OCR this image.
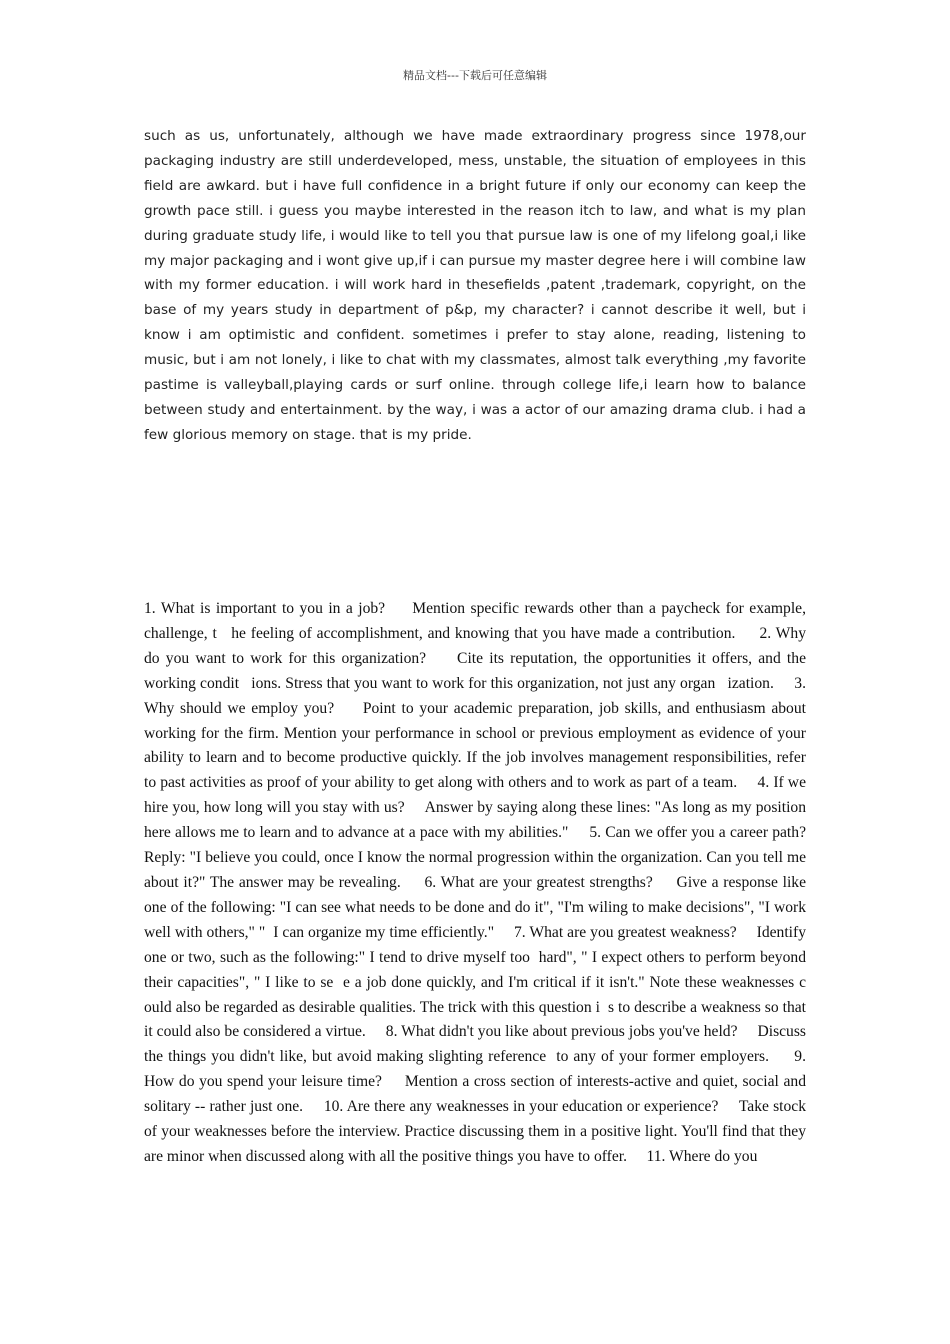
精品文档---下载后可任意编辑

such as us, unfortunately, although we have made extraordinary progress since 1978,our packaging industry are still underdeveloped, mess, unstable, the situation of employees in this field are awkard. but i have full confidence in a bright future if only our economy can keep the growth pace still. i guess you maybe interested in the reason itch to law, and what is my plan during graduate study life, i would like to tell you that pursue law is one of my lifelong goal,i like my major packaging and i wont give up,if i can pursue my master degree here i will combine law with my former education. i will work hard in thesefields ,patent ,trademark, copyright, on the base of my years study in department of p&p, my character? i cannot describe it well, but i know i am optimistic and confident. sometimes i prefer to stay alone, reading, listening to music, but i am not lonely, i like to chat with my classmates, almost talk everything ,my favorite pastime is valleyball,playing cards or surf online. through college life,i learn how to balance between study and entertainment. by the way, i was a actor of our amazing drama club. i had a few glorious memory on stage. that is my pride.

1. What is important to you in a job?     Mention specific rewards other than a paycheck for example, challenge, t   he feeling of accomplishment, and knowing that you have made a contribution.     2. Why do you want to work for this organization?     Cite its reputation, the opportunities it offers, and the working condit   ions. Stress that you want to work for this organization, not just any organ   ization.     3. Why should we employ you?     Point to your academic preparation, job skills, and enthusiasm about working for the firm. Mention your performance in school or previous employment as evidence of your ability to learn and to become productive quickly. If the job involves management responsibilities, refer to past activities as proof of your ability to get along with others and to work as part of a team.     4. If we hire you, how long will you stay with us?     Answer by saying along these lines: "As long as my position here allows me to learn and to advance at a pace with my abilities."     5. Can we offer you a career path?     Reply: "I believe you could, once I know the normal progression within the organization. Can you tell me about it?" The answer may be revealing.     6. What are your greatest strengths?     Give a response like one of the following: "I can see what needs to be done and do it", "I'm wiling to make decisions", "I work well with others," "  I can organize my time efficiently."     7. What are you greatest weakness?     Identify one or two, such as the following:" I tend to drive myself too  hard", " I expect others to perform beyond their capacities", " I like to se  e a job done quickly, and I'm critical if it isn't." Note these weaknesses c  ould also be regarded as desirable qualities. The trick with this question i  s to describe a weakness so that it could also be considered a virtue.     8. What didn't you like about previous jobs you've held?     Discuss the things you didn't like, but avoid making slighting reference  to any of your former employers.     9. How do you spend your leisure time?     Mention a cross section of interests-active and quiet, social and solitary -- rather just one.     10. Are there any weaknesses in your education or experience?     Take stock of your weaknesses before the interview. Practice discussing them in a positive light. You'll find that they are minor when discussed along with all the positive things you have to offer.     11. Where do you
